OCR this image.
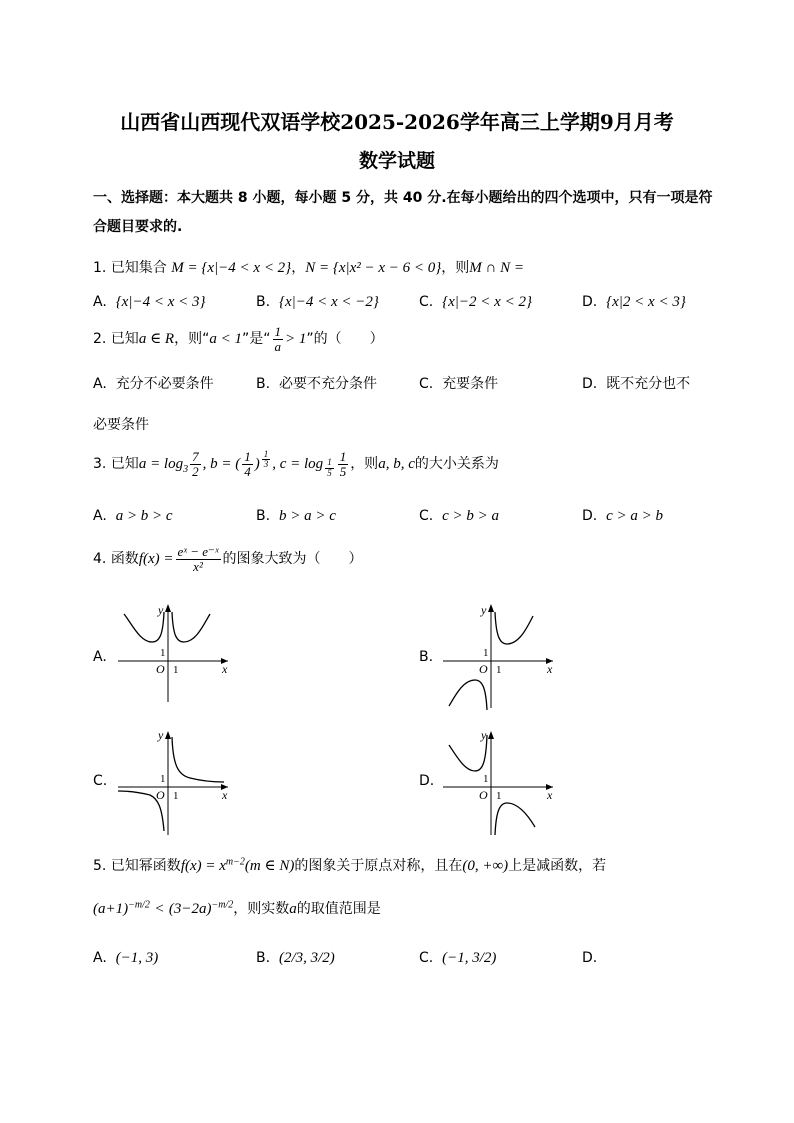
山西省山西现代双语学校2025-2026学年高三上学期9月月考
数学试题
一、选择题：本大题共 8 小题，每小题 5 分，共 40 分.在每小题给出的四个选项中，只有一项是符
合题目要求的.
1. 已知集合 M = {x|−4 < x < 2}，N = {x|x² − x − 6 < 0}，则M ∩ N =
A. {x|−4 < x < 3}	B. {x|−4 < x < −2}	C. {x|−2 < x < 2}	D. {x|2 < x < 3}
2. 已知a ∈ R，则“a < 1”是“ $\frac{1}{a} > 1$”的（　　）
A. 充分不必要条件	B. 必要不充分条件	C. 充要条件	D. 既不充分也不
必要条件
3. 已知$a = \log_3 \frac{7}{2}$ , b = ( $\frac{1}{4}$ ) $\frac{1}{3}$ , $c = \log \frac{1}{5} \frac{1}{5}$ ，则a, b, c的大小关系为
A. a > b > c	B. b > a > c	C. c > b > a	D. c > a > b
4. 函数$f(x) = \frac{\text{eˣ − e⁻ˣ}}{\text{x²}}$ 的图象大致为（　　）
A.
y
x
O 1
1	B.
y
x
O 1
1
C.
y
x
O 1
1	D.
y
x
O 1
1
5. 已知幂函数$f(x) = x^{m-2}(m$ ∈ N)的图象关于原点对称，且在(0, +∞)上是减函数，若
$(a+1)^{-m/2} < (3-2a)^{-m/2}$，则实数a的取值范围是
A. (−1, 3)	B. (2/3, 3/2)	C. (−1, 3/2)	D.
